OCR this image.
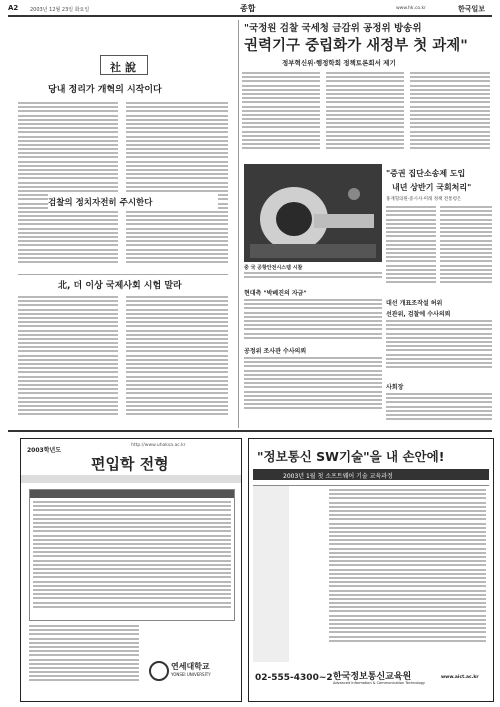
A2 2003년 12월 23일 화요일	종합	www.hk.co.kr	한국일보
社說
당내 정리가 개혁의 시작이다
검찰의 정치자전히 주시한다
北, 더 이상 국제사회 시험 말라
"국정원 검찰 국세청 금감위 공정위 방송위
권력기구 중립화가 새정부 첫 과제"
정부혁신위·행정학회 정책토론회서 제기
중 국 공항안전시스템 시찰
"증권 집단소송제 도입
내년 상반기 국회처리"
홍재형의원·증시사·미래 정책 전통령은
현대측 "박볘진의 자금"
공정위 조사관 수사의뢰
대선 개표조작설 허위
선관위, 검찰에 수사의뢰
사회장
2003학년도
http://www.uhaksa.ac.kr
편입학 전형
연세대학교
YONSEI UNIVERSITY
"정보통신 SW기술"을 내 손안에!
2003년 1월 첫 소프트웨어 기술 교육과정
02-555-4300~2 한국정보통신교육원
Advanced Information & Communication Technology
www.aict.ac.kr
